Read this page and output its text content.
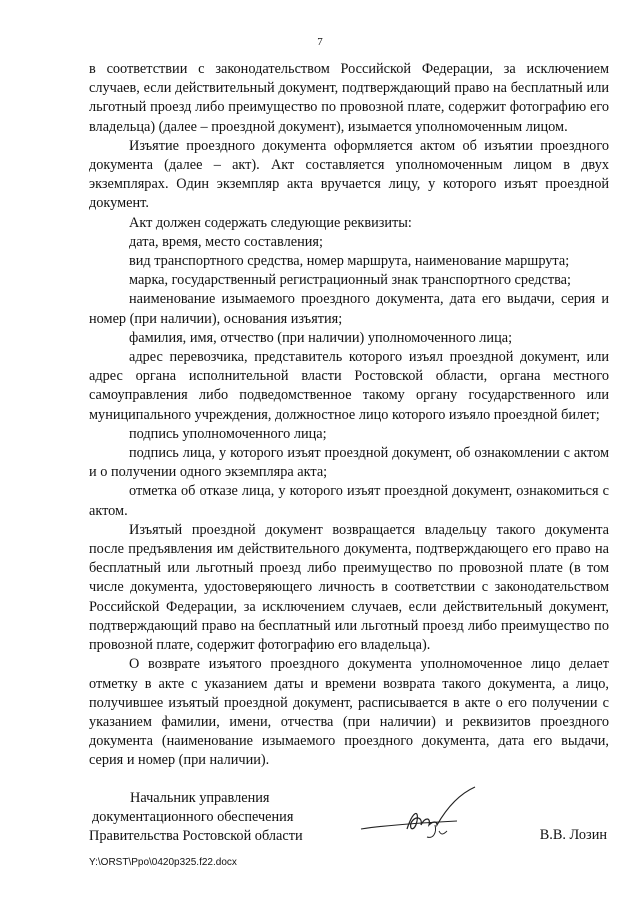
7

в соответствии с законодательством Российской Федерации, за исключением случаев, если действительный документ, подтверждающий право на бесплатный или льготный проезд либо преимущество по провозной плате, содержит фотографию его владельца) (далее – проездной документ), изымается уполномоченным лицом.

Изъятие проездного документа оформляется актом об изъятии проездного документа (далее – акт). Акт составляется уполномоченным лицом в двух экземплярах. Один экземпляр акта вручается лицу, у которого изъят проездной документ.

Акт должен содержать следующие реквизиты:

дата, время, место составления;

вид транспортного средства, номер маршрута, наименование маршрута;

марка, государственный регистрационный знак транспортного средства;

наименование изымаемого проездного документа, дата его выдачи, серия и номер (при наличии), основания изъятия;

фамилия, имя, отчество (при наличии) уполномоченного лица;

адрес перевозчика, представитель которого изъял проездной документ, или адрес органа исполнительной власти Ростовской области, органа местного самоуправления либо подведомственное такому органу государственного или муниципального учреждения, должностное лицо которого изъяло проездной билет;

подпись уполномоченного лица;

подпись лица, у которого изъят проездной документ, об ознакомлении с актом и о получении одного экземпляра акта;

отметка об отказе лица, у которого изъят проездной документ, ознакомиться с актом.

Изъятый проездной документ возвращается владельцу такого документа после предъявления им действительного документа, подтверждающего его право на бесплатный или льготный проезд либо преимущество по провозной плате (в том числе документа, удостоверяющего личность в соответствии с законодательством Российской Федерации, за исключением случаев, если действительный документ, подтверждающий право на бесплатный или льготный проезд либо преимущество по провозной плате, содержит фотографию его владельца).

О возврате изъятого проездного документа уполномоченное лицо делает отметку в акте с указанием даты и времени возврата такого документа, а лицо, получившее изъятый проездной документ, расписывается в акте о его получении с указанием фамилии, имени, отчества (при наличии) и реквизитов проездного документа (наименование изымаемого проездного документа, дата его выдачи, серия и номер (при наличии).

Начальник управления
документационного обеспечения
Правительства Ростовской области	В.В. Лозин
Y:\ORST\Ppo\0420p325.f22.docx
